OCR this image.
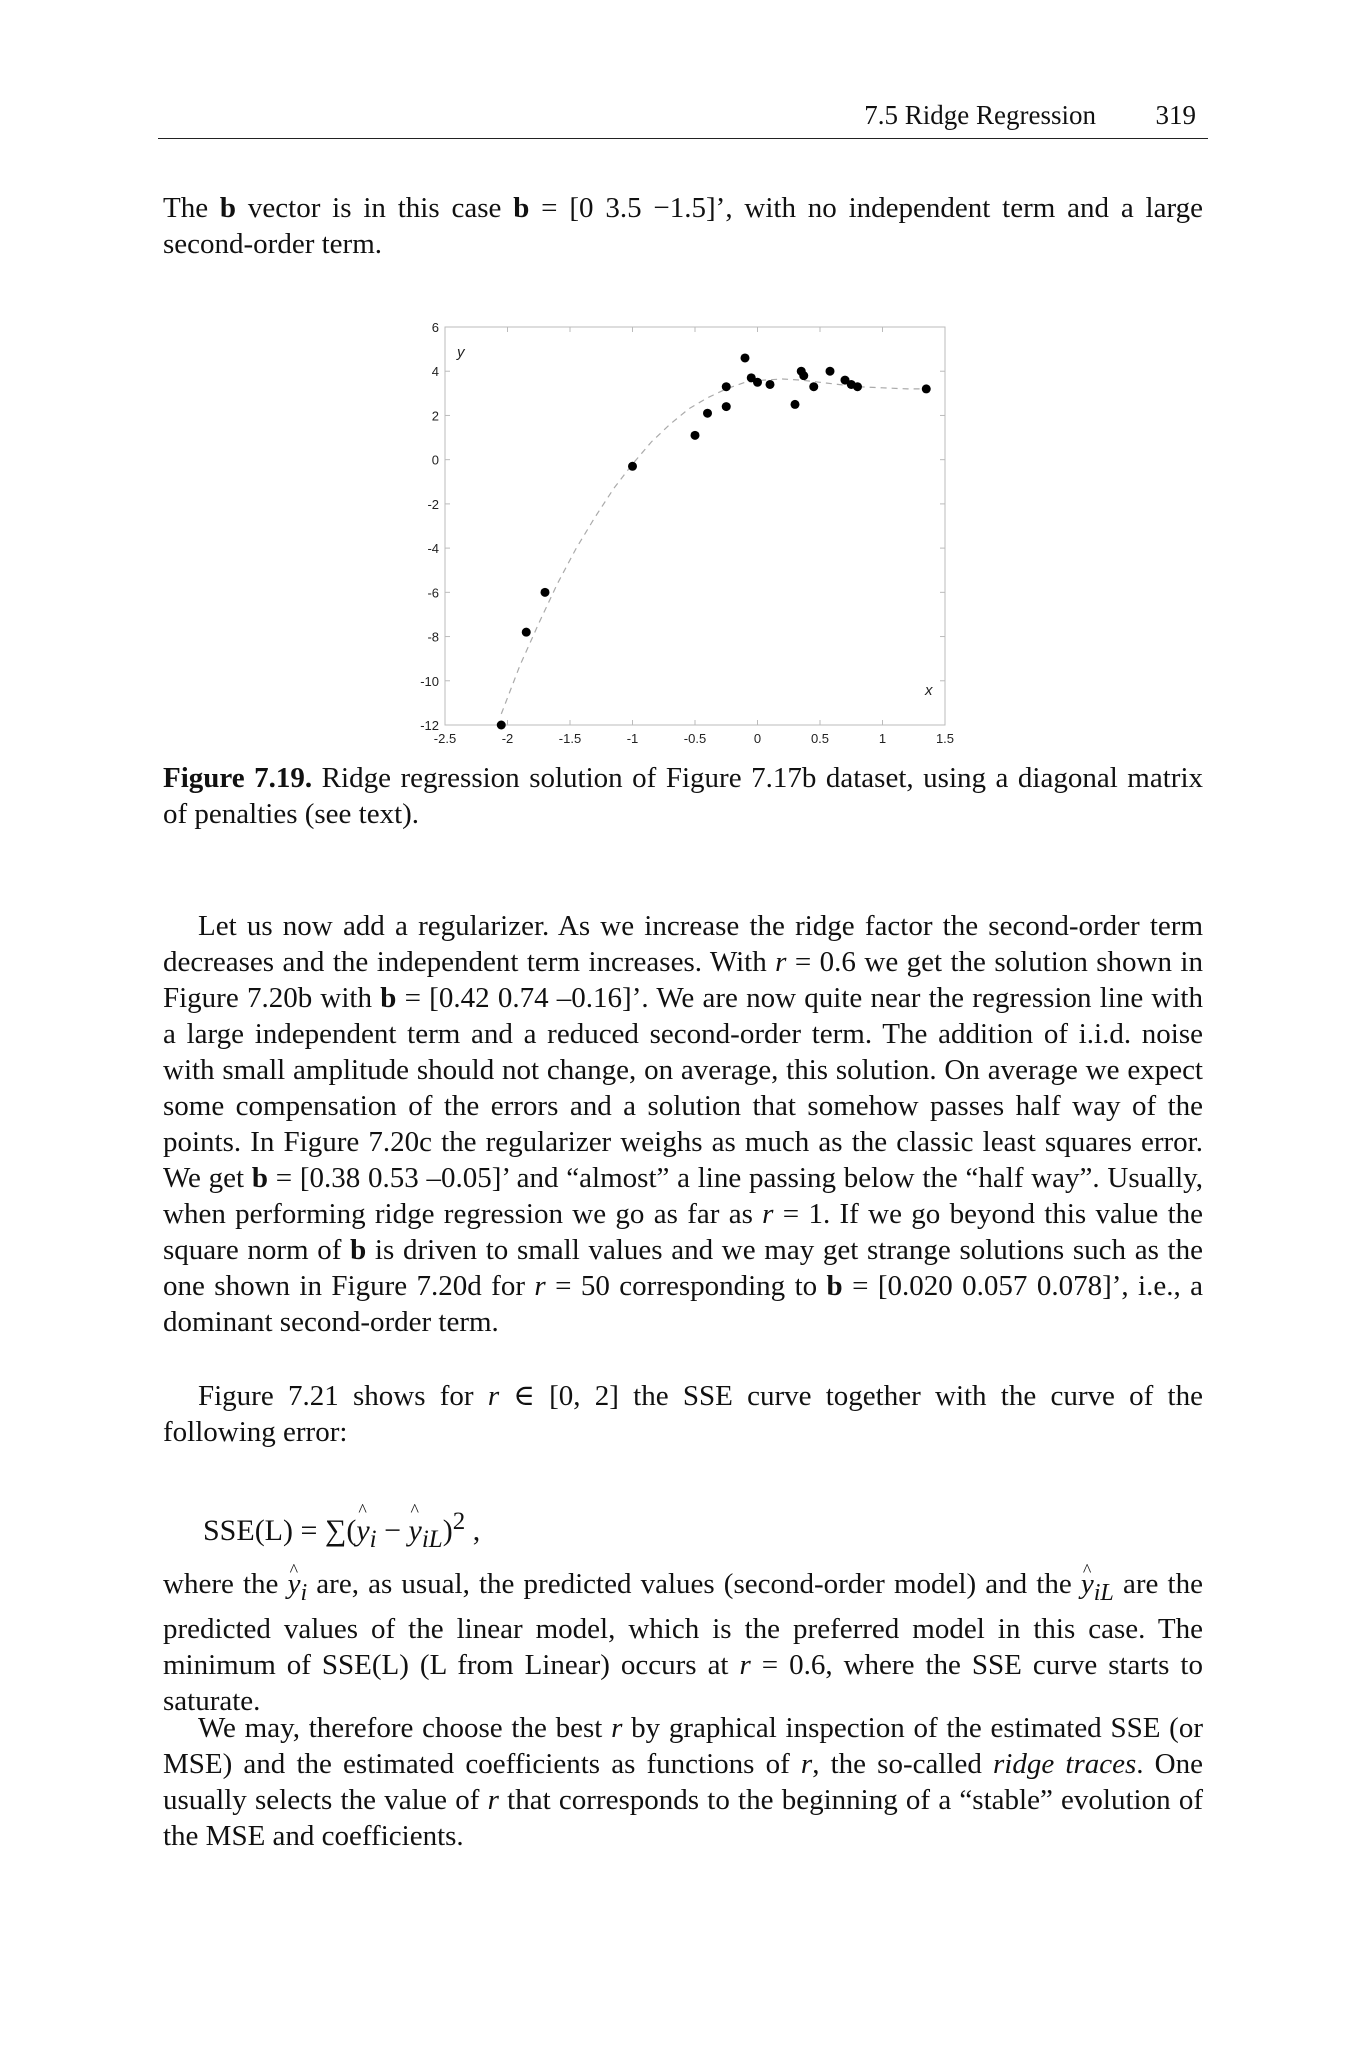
7.5 Ridge Regression 319
The b vector is in this case b = [0 3.5 −1.5]’, with no independent term and a large second-order term.
-2.5	-2	-1.5	-1	-0.5	0	0.5	1	1.5
6
4
2
0
-2
-4
-6
-8
-10
-12
y
x
Figure 7.19. Ridge regression solution of Figure 7.17b dataset, using a diagonal matrix of penalties (see text).
Let us now add a regularizer. As we increase the ridge factor the second-order term decreases and the independent term increases. With r = 0.6 we get the solution shown in Figure 7.20b with b = [0.42 0.74 –0.16]’. We are now quite near the regression line with a large independent term and a reduced second-order term. The addition of i.i.d. noise with small amplitude should not change, on average, this solution. On average we expect some compensation of the errors and a solution that somehow passes half way of the points. In Figure 7.20c the regularizer weighs as much as the classic least squares error. We get b = [0.38 0.53 –0.05]’ and “almost” a line passing below the “half way”. Usually, when performing ridge regression we go as far as r = 1. If we go beyond this value the square norm of b is driven to small values and we may get strange solutions such as the one shown in Figure 7.20d for r = 50 corresponding to b = [0.020 0.057 0.078]’, i.e., a dominant second-order term.
Figure 7.21 shows for r ∈ [0, 2] the SSE curve together with the curve of the following error:
SSE(L) = ∑(^ $y_i$ − ^ $y_{iL})^2$ ,
where the ^ $y_i$ are, as usual, the predicted values (second-order model) and the ^ $y_{iL}$ are the predicted values of the linear model, which is the preferred model in this case. The minimum of SSE(L) (L from Linear) occurs at r = 0.6, where the SSE curve starts to saturate.
We may, therefore choose the best r by graphical inspection of the estimated SSE (or MSE) and the estimated coefficients as functions of r, the so-called ridge traces. One usually selects the value of r that corresponds to the beginning of a “stable” evolution of the MSE and coefficients.
